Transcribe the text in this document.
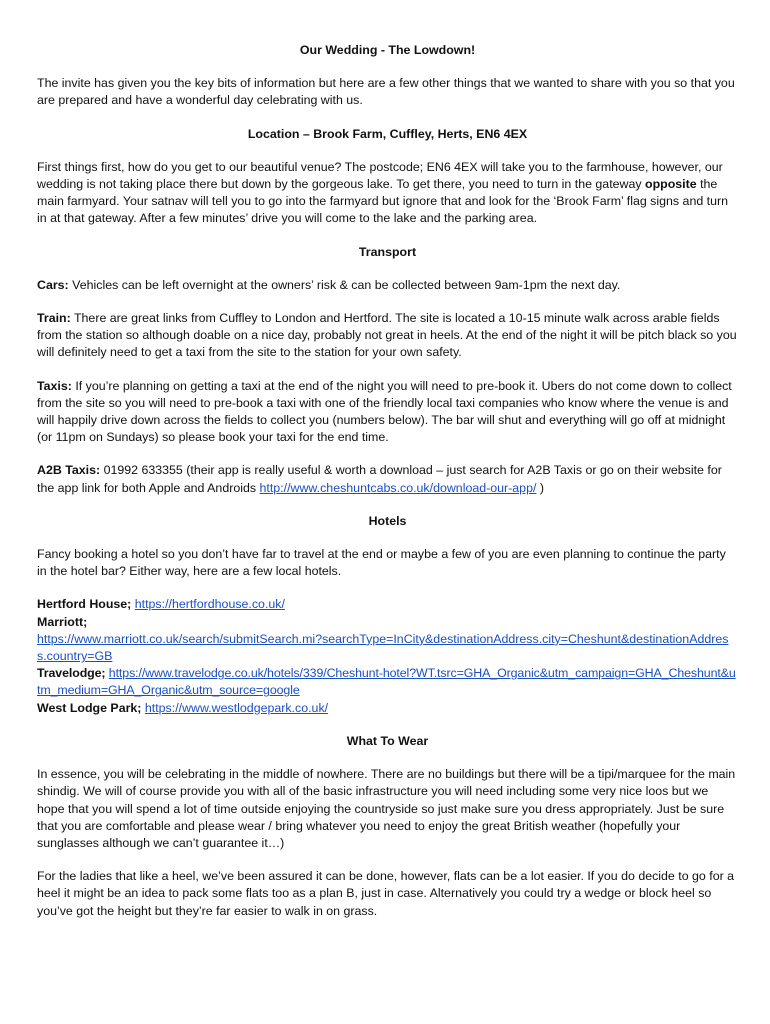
Our Wedding - The Lowdown!

The invite has given you the key bits of information but here are a few other things that we wanted to share with you so that you are prepared and have a wonderful day celebrating with us.

Location – Brook Farm, Cuffley, Herts, EN6 4EX

First things first, how do you get to our beautiful venue? The postcode; EN6 4EX will take you to the farmhouse, however, our wedding is not taking place there but down by the gorgeous lake. To get there, you need to turn in the gateway opposite the main farmyard. Your satnav will tell you to go into the farmyard but ignore that and look for the ‘Brook Farm’ flag signs and turn in at that gateway. After a few minutes’ drive you will come to the lake and the parking area.

Transport

Cars: Vehicles can be left overnight at the owners’ risk & can be collected between 9am-1pm the next day.

Train: There are great links from Cuffley to London and Hertford. The site is located a 10-15 minute walk across arable fields from the station so although doable on a nice day, probably not great in heels. At the end of the night it will be pitch black so you will definitely need to get a taxi from the site to the station for your own safety.

Taxis: If you’re planning on getting a taxi at the end of the night you will need to pre-book it. Ubers do not come down to collect from the site so you will need to pre-book a taxi with one of the friendly local taxi companies who know where the venue is and will happily drive down across the fields to collect you (numbers below). The bar will shut and everything will go off at midnight (or 11pm on Sundays) so please book your taxi for the end time.

A2B Taxis: 01992 633355 (their app is really useful & worth a download – just search for A2B Taxis or go on their website for the app link for both Apple and Androids http://www.cheshuntcabs.co.uk/download-our-app/ )

Hotels

Fancy booking a hotel so you don’t have far to travel at the end or maybe a few of you are even planning to continue the party in the hotel bar? Either way, here are a few local hotels.

Hertford House; https://hertfordhouse.co.uk/

Marriott;

https://www.marriott.co.uk/search/submitSearch.mi?searchType=InCity&destinationAddress.city=Cheshunt&destinationAddress.country=GB

Travelodge; https://www.travelodge.co.uk/hotels/339/Cheshunt-hotel?WT.tsrc=GHA_Organic&utm_campaign=GHA_Cheshunt&utm_medium=GHA_Organic&utm_source=google

West Lodge Park; https://www.westlodgepark.co.uk/

What To Wear

In essence, you will be celebrating in the middle of nowhere. There are no buildings but there will be a tipi/marquee for the main shindig. We will of course provide you with all of the basic infrastructure you will need including some very nice loos but we hope that you will spend a lot of time outside enjoying the countryside so just make sure you dress appropriately. Just be sure that you are comfortable and please wear / bring whatever you need to enjoy the great British weather (hopefully your sunglasses although we can’t guarantee it…)

For the ladies that like a heel, we’ve been assured it can be done, however, flats can be a lot easier. If you do decide to go for a heel it might be an idea to pack some flats too as a plan B, just in case. Alternatively you could try a wedge or block heel so you’ve got the height but they’re far easier to walk in on grass.
